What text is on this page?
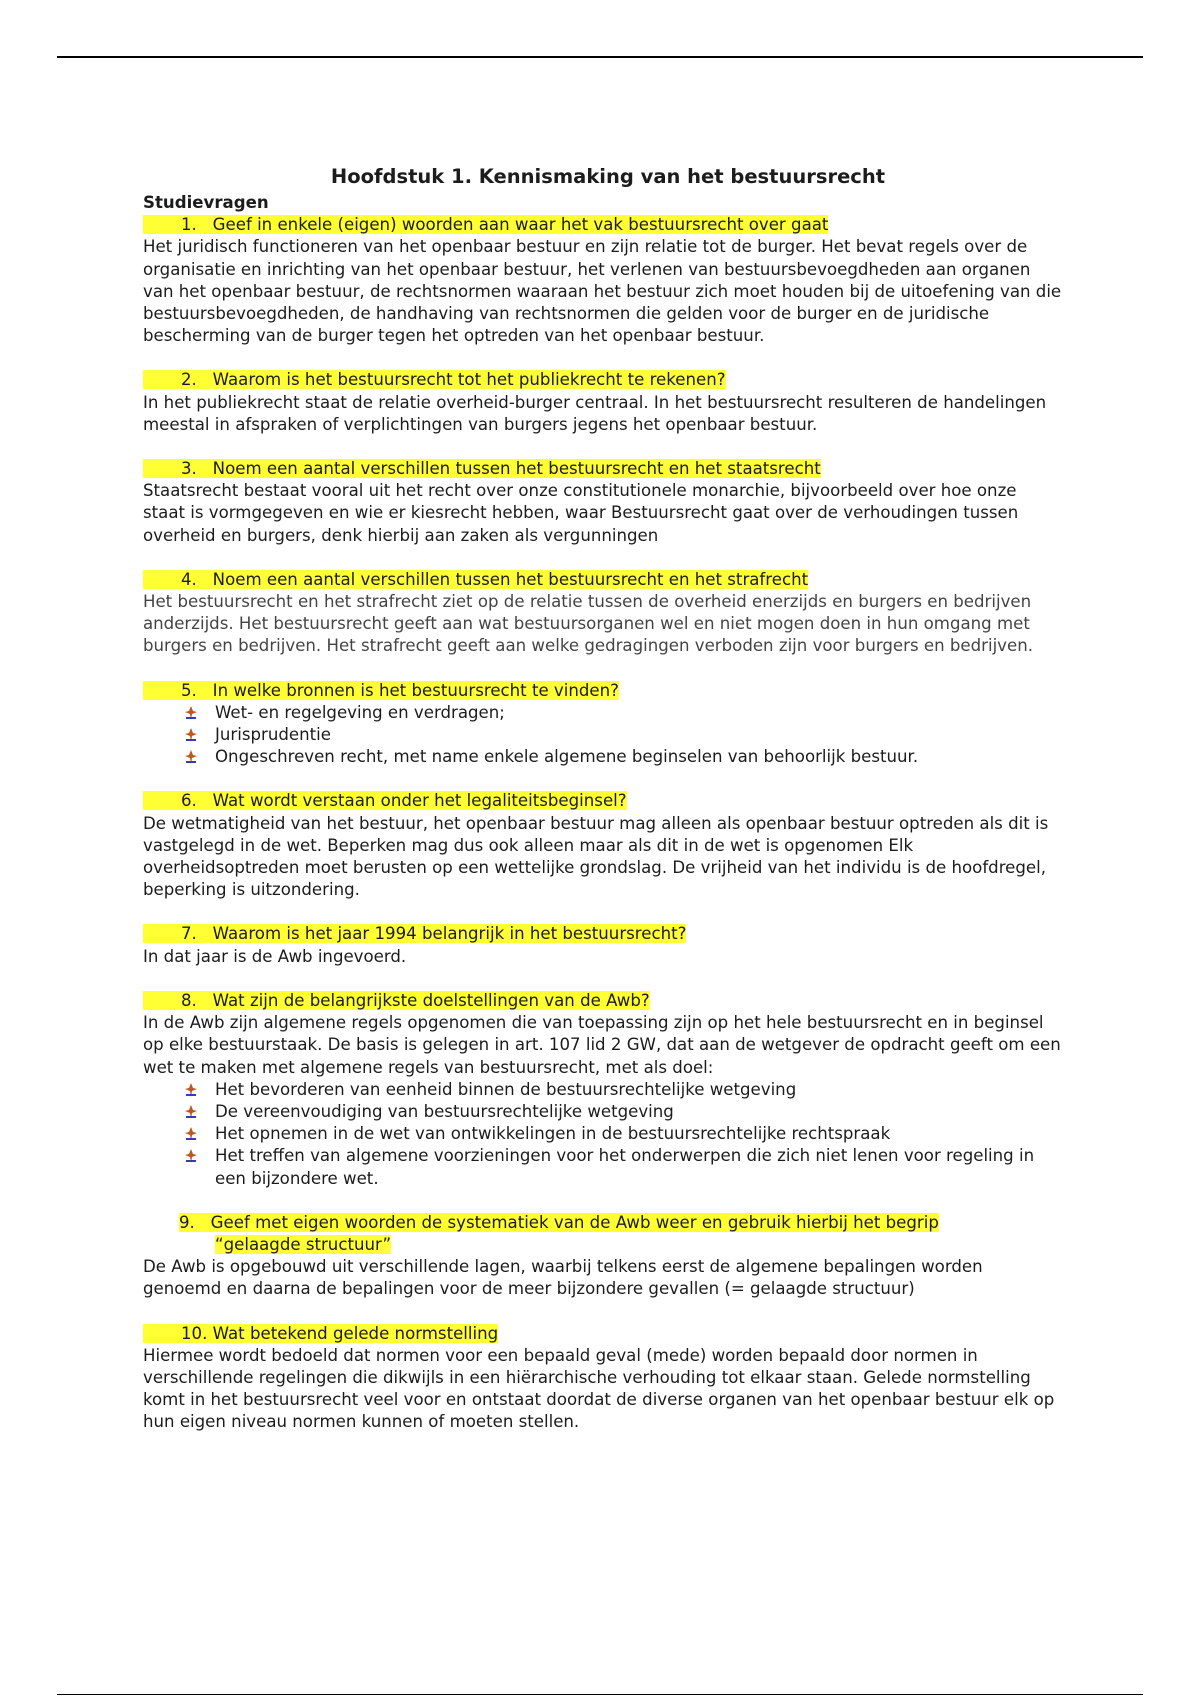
Hoofdstuk 1. Kennismaking van het bestuursrecht
Studievragen
1. Geef in enkele (eigen) woorden aan waar het vak bestuursrecht over gaat

Het juridisch functioneren van het openbaar bestuur en zijn relatie tot de burger. Het bevat regels over de organisatie en inrichting van het openbaar bestuur, het verlenen van bestuursbevoegdheden aan organen van het openbaar bestuur, de rechtsnormen waaraan het bestuur zich moet houden bij de uitoefening van die bestuursbevoegdheden, de handhaving van rechtsnormen die gelden voor de burger en de juridische bescherming van de burger tegen het optreden van het openbaar bestuur.

2. Waarom is het bestuursrecht tot het publiekrecht te rekenen?

In het publiekrecht staat de relatie overheid-burger centraal. In het bestuursrecht resulteren de handelingen meestal in afspraken of verplichtingen van burgers jegens het openbaar bestuur.

3. Noem een aantal verschillen tussen het bestuursrecht en het staatsrecht

Staatsrecht bestaat vooral uit het recht over onze constitutionele monarchie, bijvoorbeeld over hoe onze staat is vormgegeven en wie er kiesrecht hebben, waar Bestuursrecht gaat over de verhoudingen tussen overheid en burgers, denk hierbij aan zaken als vergunningen

4. Noem een aantal verschillen tussen het bestuursrecht en het strafrecht

Het bestuursrecht en het strafrecht ziet op de relatie tussen de overheid enerzijds en burgers en bedrijven anderzijds. Het bestuursrecht geeft aan wat bestuursorganen wel en niet mogen doen in hun omgang met burgers en bedrijven. Het strafrecht geeft aan welke gedragingen verboden zijn voor burgers en bedrijven.

5. In welke bronnen is het bestuursrecht te vinden?
Wet- en regelgeving en verdragen;
Jurisprudentie
Ongeschreven recht, met name enkele algemene beginselen van behoorlijk bestuur.
6. Wat wordt verstaan onder het legaliteitsbeginsel?

De wetmatigheid van het bestuur, het openbaar bestuur mag alleen als openbaar bestuur optreden als dit is vastgelegd in de wet. Beperken mag dus ook alleen maar als dit in de wet is opgenomen Elk overheidsoptreden moet berusten op een wettelijke grondslag. De vrijheid van het individu is de hoofdregel, beperking is uitzondering.

7. Waarom is het jaar 1994 belangrijk in het bestuursrecht?

In dat jaar is de Awb ingevoerd.

8. Wat zijn de belangrijkste doelstellingen van de Awb?

In de Awb zijn algemene regels opgenomen die van toepassing zijn op het hele bestuursrecht en in beginsel op elke bestuurstaak. De basis is gelegen in art. 107 lid 2 GW, dat aan de wetgever de opdracht geeft om een wet te maken met algemene regels van bestuursrecht, met als doel:

Het bevorderen van eenheid binnen de bestuursrechtelijke wetgeving
De vereenvoudiging van bestuursrechtelijke wetgeving
Het opnemen in de wet van ontwikkelingen in de bestuursrechtelijke rechtspraak
Het treffen van algemene voorzieningen voor het onderwerpen die zich niet lenen voor regeling in een bijzondere wet.
9. Geef met eigen woorden de systematiek van de Awb weer en gebruik hierbij het begrip
“gelaagde structuur”

De Awb is opgebouwd uit verschillende lagen, waarbij telkens eerst de algemene bepalingen worden genoemd en daarna de bepalingen voor de meer bijzondere gevallen (= gelaagde structuur)

10. Wat betekend gelede normstelling

Hiermee wordt bedoeld dat normen voor een bepaald geval (mede) worden bepaald door normen in verschillende regelingen die dikwijls in een hiërarchische verhouding tot elkaar staan. Gelede normstelling komt in het bestuursrecht veel voor en ontstaat doordat de diverse organen van het openbaar bestuur elk op hun eigen niveau normen kunnen of moeten stellen.
